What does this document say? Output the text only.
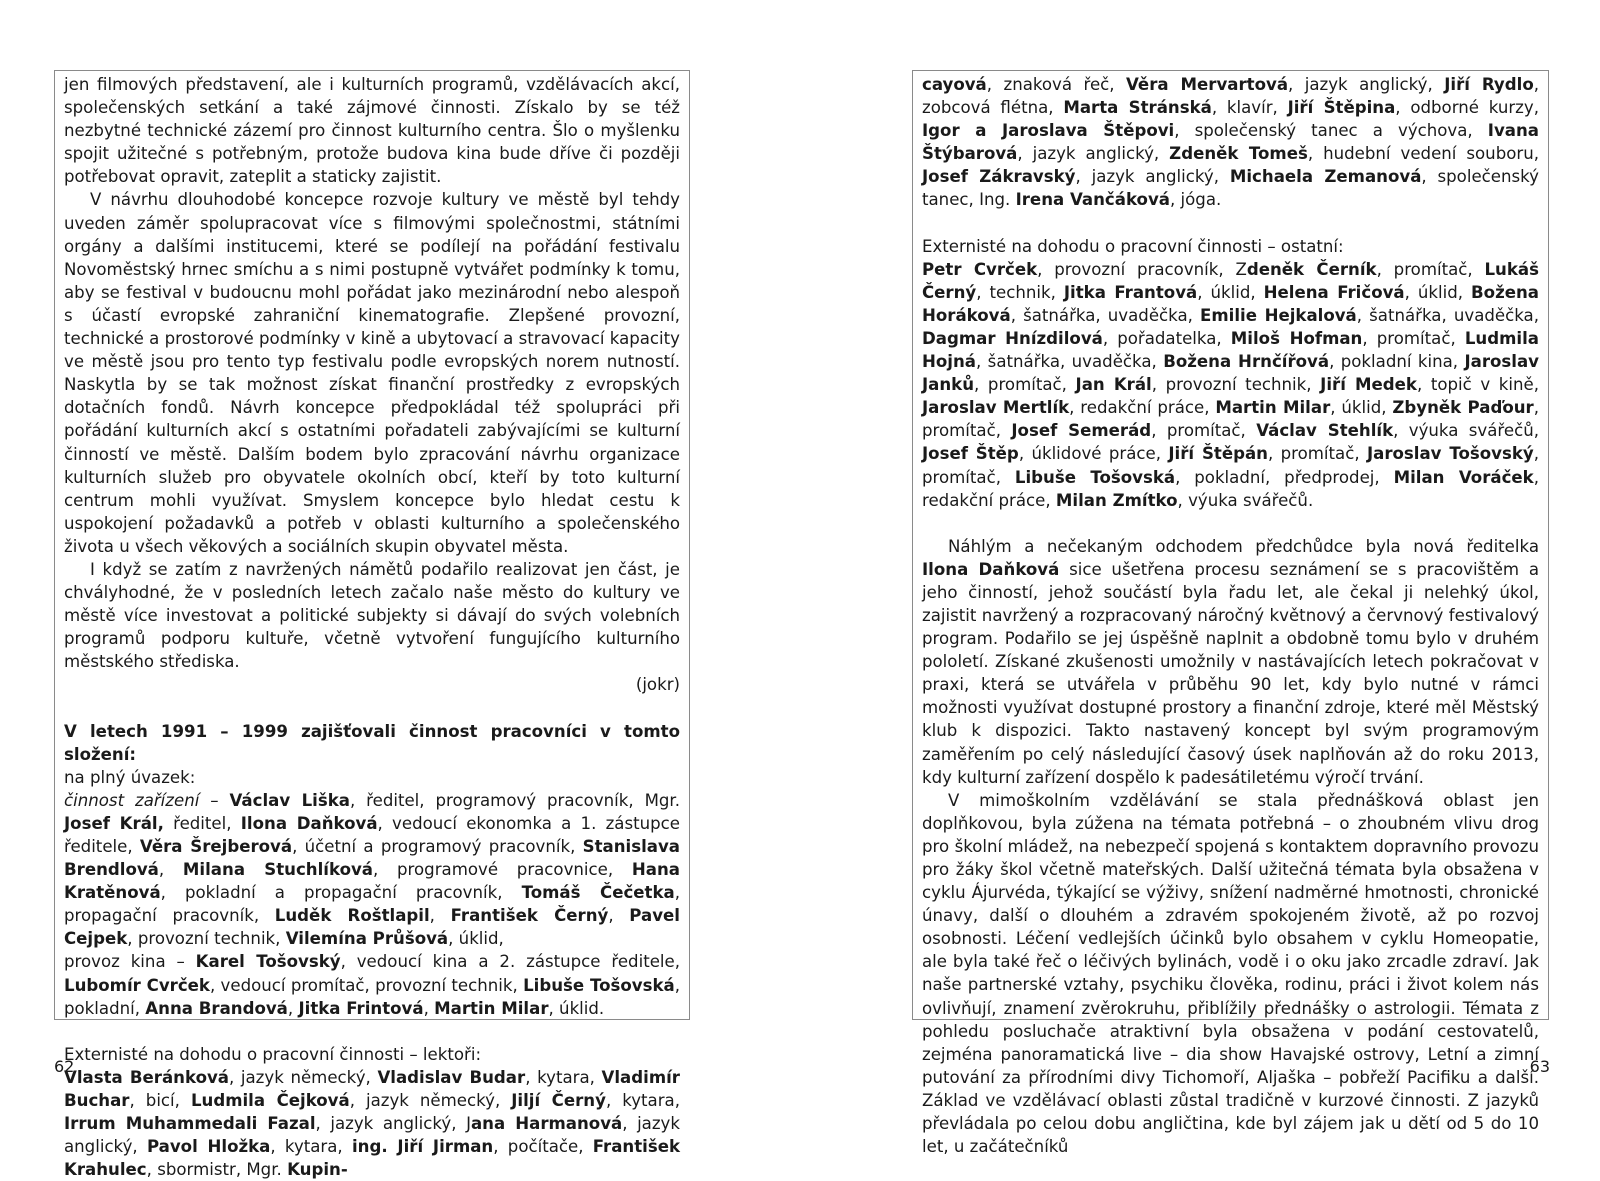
jen filmových představení, ale i kulturních programů, vzdělávacích akcí, společenských setkání a také zájmové činnosti. Získalo by se též nezbytné technické zázemí pro činnost kulturního centra. Šlo o myšlenku spojit užitečné s potřebným, protože budova kina bude dříve či později potřebovat opravit, zateplit a staticky zajistit.

V návrhu dlouhodobé koncepce rozvoje kultury ve městě byl tehdy uveden záměr spolupracovat více s filmovými společnostmi, státními orgány a dalšími institucemi, které se podílejí na pořádání festivalu Novoměstský hrnec smíchu a s nimi postupně vytvářet podmínky k tomu, aby se festival v budoucnu mohl pořádat jako mezinárodní nebo alespoň s účastí evropské zahraniční kinematografie. Zlepšené provozní, technické a prostorové podmínky v kině a ubytovací a stravovací kapacity ve městě jsou pro tento typ festivalu podle evropských norem nutností. Naskytla by se tak možnost získat finanční prostředky z evropských dotačních fondů. Návrh koncepce předpokládal též spolupráci při pořádání kulturních akcí s ostatními pořadateli zabývajícími se kulturní činností ve městě. Dalším bodem bylo zpracování návrhu organizace kulturních služeb pro obyvatele okolních obcí, kteří by toto kulturní centrum mohli využívat. Smyslem koncepce bylo hledat cestu k uspokojení požadavků a potřeb v oblasti kulturního a společenského života u všech věkových a sociálních skupin obyvatel města.

I když se zatím z navržených námětů podařilo realizovat jen část, je chvályhodné, že v posledních letech začalo naše město do kultury ve městě více investovat a politické subjekty si dávají do svých volebních programů podporu kultuře, včetně vytvoření fungujícího kulturního městského střediska.

(jokr)

V letech 1991 – 1999 zajišťovali činnost pracovníci v tomto složení:

na plný úvazek:

činnost zařízení – Václav Liška, ředitel, programový pracovník, Mgr. Josef Král, ředitel, Ilona Daňková, vedoucí ekonomka a 1. zástupce ředitele, Věra Šrejberová, účetní a programový pracovník, Stanislava Brendlová, Milana Stuchlíková, programové pracovnice, Hana Kratěnová, pokladní a propagační pracovník, Tomáš Čečetka, propagační pracovník, Luděk Roštlapil, František Černý, Pavel Cejpek, provozní technik, Vilemína Průšová, úklid,

provoz kina – Karel Tošovský, vedoucí kina a 2. zástupce ředitele, Lubomír Cvrček, vedoucí promítač, provozní technik, Libuše Tošovská, pokladní, Anna Brandová, Jitka Frintová, Martin Milar, úklid.

Externisté na dohodu o pracovní činnosti – lektoři:

Vlasta Beránková, jazyk německý, Vladislav Budar, kytara, Vladimír Buchar, bicí, Ludmila Čejková, jazyk německý, Jiljí Černý, kytara, Irrum Muhammedali Fazal, jazyk anglický, Jana Harmanová, jazyk anglický, Pavol Hložka, kytara, ing. Jiří Jirman, počítače, František Krahulec, sbormistr, Mgr. Kupin-

62

cayová, znaková řeč, Věra Mervartová, jazyk anglický, Jiří Rydlo, zobcová flétna, Marta Stránská, klavír, Jiří Štěpina, odborné kurzy, Igor a Jaroslava Štěpovi, společenský tanec a výchova, Ivana Štýbarová, jazyk anglický, Zdeněk Tomeš, hudební vedení souboru, Josef Zákravský, jazyk anglický, Michaela Zemanová, společenský tanec, Ing. Irena Vančáková, jóga.

Externisté na dohodu o pracovní činnosti – ostatní:

Petr Cvrček, provozní pracovník, Zdeněk Černík, promítač, Lukáš Černý, technik, Jitka Frantová, úklid, Helena Fričová, úklid, Božena Horáková, šatnářka, uvaděčka, Emilie Hejkalová, šatnářka, uvaděčka, Dagmar Hnízdilová, pořadatelka, Miloš Hofman, promítač, Ludmila Hojná, šatnářka, uvaděčka, Božena Hrnčířová, pokladní kina, Jaroslav Janků, promítač, Jan Král, provozní technik, Jiří Medek, topič v kině, Jaroslav Mertlík, redakční práce, Martin Milar, úklid, Zbyněk Paďour, promítač, Josef Semerád, promítač, Václav Stehlík, výuka svářečů, Josef Štěp, úklidové práce, Jiří Štěpán, promítač, Jaroslav Tošovský, promítač, Libuše Tošovská, pokladní, předprodej, Milan Voráček, redakční práce, Milan Zmítko, výuka svářečů.

Náhlým a nečekaným odchodem předchůdce byla nová ředitelka Ilona Daňková sice ušetřena procesu seznámení se s pracovištěm a jeho činností, jehož součástí byla řadu let, ale čekal ji nelehký úkol, zajistit navržený a rozpracovaný náročný květnový a červnový festivalový program. Podařilo se jej úspěšně naplnit a obdobně tomu bylo v druhém pololetí. Získané zkušenosti umožnily v nastávajících letech pokračovat v praxi, která se utvářela v průběhu 90 let, kdy bylo nutné v rámci možnosti využívat dostupné prostory a finanční zdroje, které měl Městský klub k dispozici. Takto nastavený koncept byl svým programovým zaměřením po celý následující časový úsek naplňován až do roku 2013, kdy kulturní zařízení dospělo k padesátiletému výročí trvání.

V mimoškolním vzdělávání se stala přednášková oblast jen doplňkovou, byla zúžena na témata potřebná – o zhoubném vlivu drog pro školní mládež, na nebezpečí spojená s kontaktem dopravního provozu pro žáky škol včetně mateřských. Další užitečná témata byla obsažena v cyklu Ájurvéda, týkající se výživy, snížení nadměrné hmotnosti, chronické únavy, další o dlouhém a zdravém spokojeném životě, až po rozvoj osobnosti. Léčení vedlejších účinků bylo obsahem v cyklu Homeopatie, ale byla také řeč o léčivých bylinách, vodě i o oku jako zrcadle zdraví. Jak naše partnerské vztahy, psychiku člověka, rodinu, práci i život kolem nás ovlivňují, znamení zvěrokruhu, přiblížily přednášky o astrologii. Témata z pohledu posluchače atraktivní byla obsažena v podání cestovatelů, zejména panoramatická live – dia show Havajské ostrovy, Letní a zimní putování za přírodními divy Tichomoří, Aljaška – pobřeží Pacifiku a další. Základ ve vzdělávací oblasti zůstal tradičně v kurzové činnosti. Z jazyků převládala po celou dobu angličtina, kde byl zájem jak u dětí od 5 do 10 let, u začátečníků

63
